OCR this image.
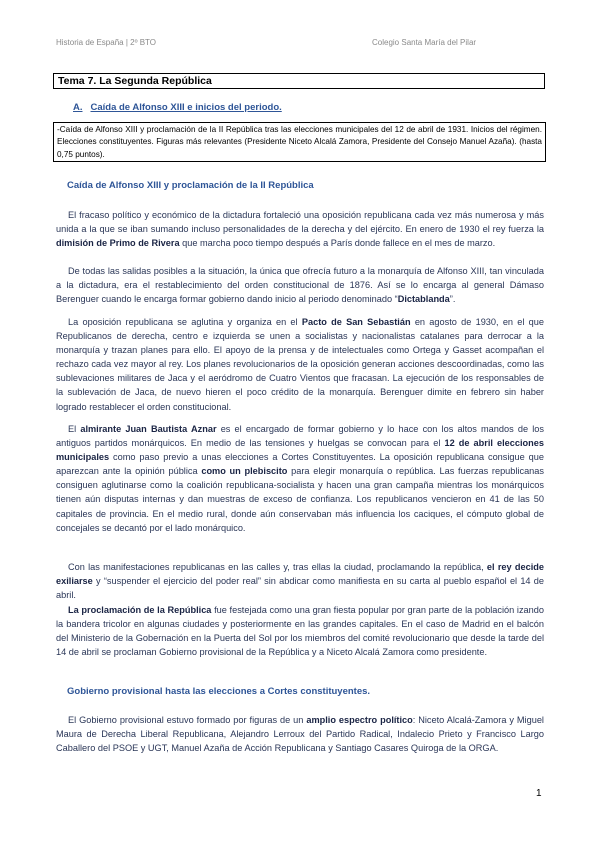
Historia de España | 2º BTO	Colegio Santa María del Pilar
Tema 7. La Segunda República
A. Caída de Alfonso XIII e inicios del periodo.
-Caída de Alfonso XIII y proclamación de la II República tras las elecciones municipales del 12 de abril de 1931. Inicios del régimen. Elecciones constituyentes. Figuras más relevantes (Presidente Niceto Alcalá Zamora, Presidente del Consejo Manuel Azaña). (hasta 0,75 puntos).
Caída de Alfonso XIII y proclamación de la II República
El fracaso político y económico de la dictadura fortaleció una oposición republicana cada vez más numerosa y más unida a la que se iban sumando incluso personalidades de la derecha y del ejército. En enero de 1930 el rey fuerza la dimisión de Primo de Rivera que marcha poco tiempo después a París donde fallece en el mes de marzo.
De todas las salidas posibles a la situación, la única que ofrecía futuro a la monarquía de Alfonso XIII, tan vinculada a la dictadura, era el restablecimiento del orden constitucional de 1876. Así se lo encarga al general Dámaso Berenguer cuando le encarga formar gobierno dando inicio al periodo denominado “Dictablanda”.
La oposición republicana se aglutina y organiza en el Pacto de San Sebastián en agosto de 1930, en el que Republicanos de derecha, centro e izquierda se unen a socialistas y nacionalistas catalanes para derrocar a la monarquía y trazan planes para ello. El apoyo de la prensa y de intelectuales como Ortega y Gasset acompañan el rechazo cada vez mayor al rey. Los planes revolucionarios de la oposición generan acciones descoordinadas, como las sublevaciones militares de Jaca y el aeródromo de Cuatro Vientos que fracasan. La ejecución de los responsables de la sublevación de Jaca, de nuevo hieren el poco crédito de la monarquía. Berenguer dimite en febrero sin haber logrado restablecer el orden constitucional.
El almirante Juan Bautista Aznar es el encargado de formar gobierno y lo hace con los altos mandos de los antiguos partidos monárquicos. En medio de las tensiones y huelgas se convocan para el 12 de abril elecciones municipales como paso previo a unas elecciones a Cortes Constituyentes. La oposición republicana consigue que aparezcan ante la opinión pública como un plebiscito para elegir monarquía o república. Las fuerzas republicanas consiguen aglutinarse como la coalición republicana-socialista y hacen una gran campaña mientras los monárquicos tienen aún disputas internas y dan muestras de exceso de confianza. Los republicanos vencieron en 41 de las 50 capitales de provincia. En el medio rural, donde aún conservaban más influencia los caciques, el cómputo global de concejales se decantó por el lado monárquico.
Con las manifestaciones republicanas en las calles y, tras ellas la ciudad, proclamando la república, el rey decide exiliarse y “suspender el ejercicio del poder real” sin abdicar como manifiesta en su carta al pueblo español el 14 de abril.
La proclamación de la República fue festejada como una gran fiesta popular por gran parte de la población izando la bandera tricolor en algunas ciudades y posteriormente en las grandes capitales. En el caso de Madrid en el balcón del Ministerio de la Gobernación en la Puerta del Sol por los miembros del comité revolucionario que desde la tarde del 14 de abril se proclaman Gobierno provisional de la República y a Niceto Alcalá Zamora como presidente.
Gobierno provisional hasta las elecciones a Cortes constituyentes.
El Gobierno provisional estuvo formado por figuras de un amplio espectro político: Niceto Alcalá-Zamora y Miguel Maura de Derecha Liberal Republicana, Alejandro Lerroux del Partido Radical, Indalecio Prieto y Francisco Largo Caballero del PSOE y UGT, Manuel Azaña de Acción Republicana y Santiago Casares Quiroga de la ORGA.
1
